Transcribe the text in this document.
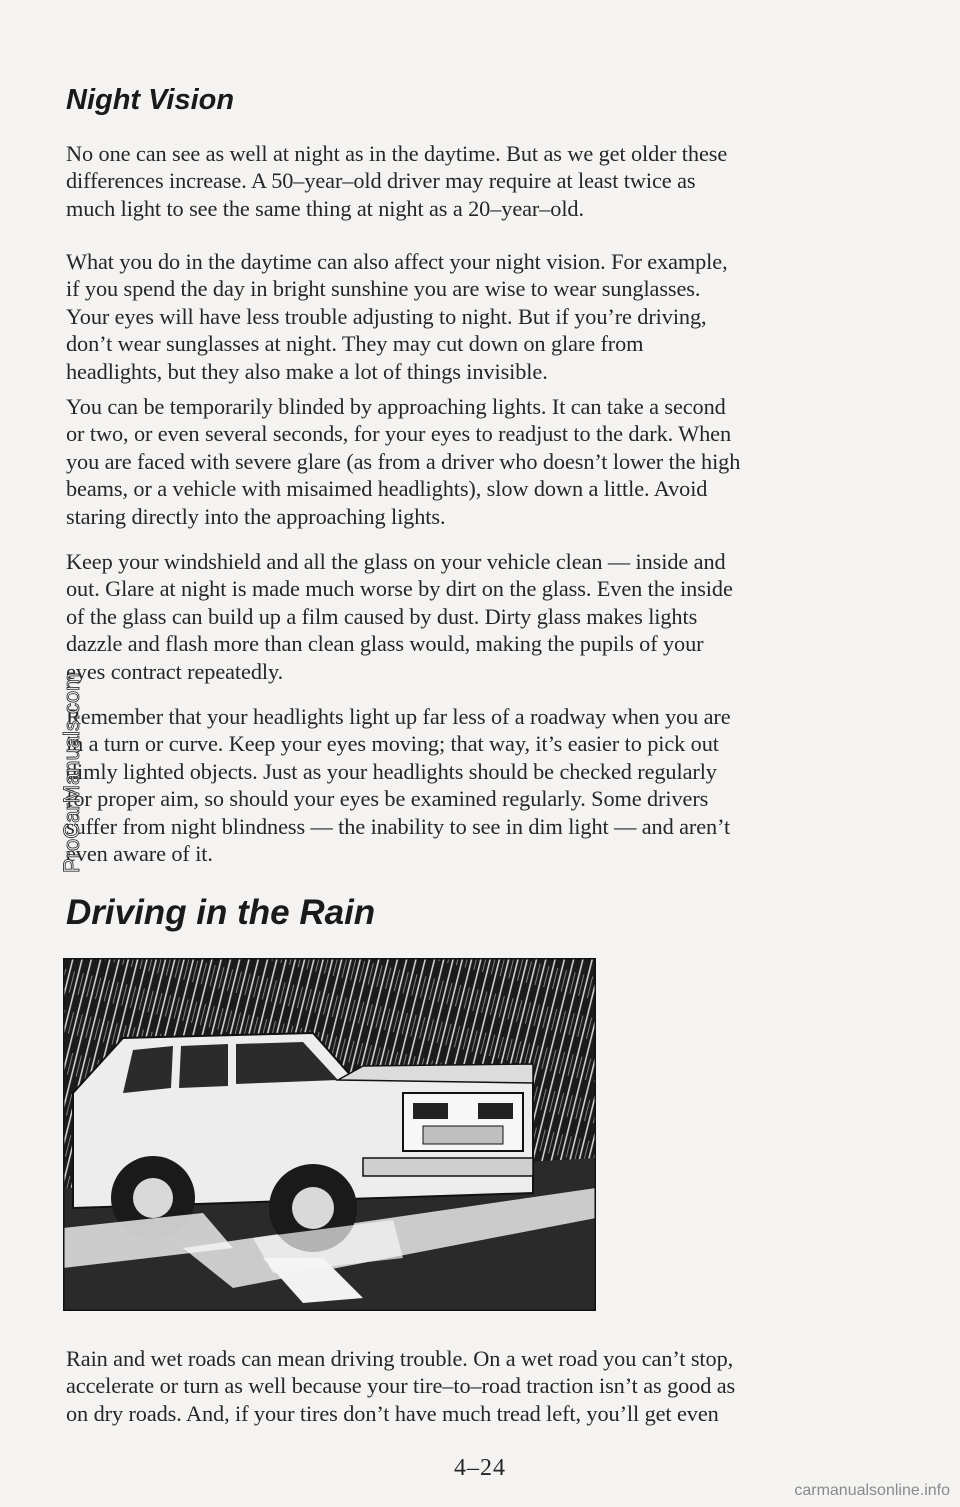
Night Vision

No one can see as well at night as in the daytime. But as we get older these
differences increase. A 50–year–old driver may require at least twice as
much light to see the same thing at night as a 20–year–old.

What you do in the daytime can also affect your night vision. For example,
if you spend the day in bright sunshine you are wise to wear sunglasses.
Your eyes will have less trouble adjusting to night. But if you’re driving,
don’t wear sunglasses at night. They may cut down on glare from
headlights, but they also make a lot of things invisible.

You can be temporarily blinded by approaching lights. It can take a second
or two, or even several seconds, for your eyes to readjust to the dark. When
you are faced with severe glare (as from a driver who doesn’t lower the high
beams, or a vehicle with misaimed headlights), slow down a little. Avoid
staring directly into the approaching lights.

Keep your windshield and all the glass on your vehicle clean — inside and
out. Glare at night is made much worse by dirt on the glass. Even the inside
of the glass can build up a film caused by dust. Dirty glass makes lights
dazzle and flash more than clean glass would, making the pupils of your
eyes contract repeatedly.

Remember that your headlights light up far less of a roadway when you are
in a turn or curve. Keep your eyes moving; that way, it’s easier to pick out
dimly lighted objects. Just as your headlights should be checked regularly
for proper aim, so should your eyes be examined regularly. Some drivers
suffer from night blindness — the inability to see in dim light — and aren’t
even aware of it.

ProCarManuals.com
Driving in the Rain

Rain and wet roads can mean driving trouble. On a wet road you can’t stop,
accelerate or turn as well because your tire–to–road traction isn’t as good as
on dry roads. And, if your tires don’t have much tread left, you’ll get even

4–24

carmanualsonline.info
